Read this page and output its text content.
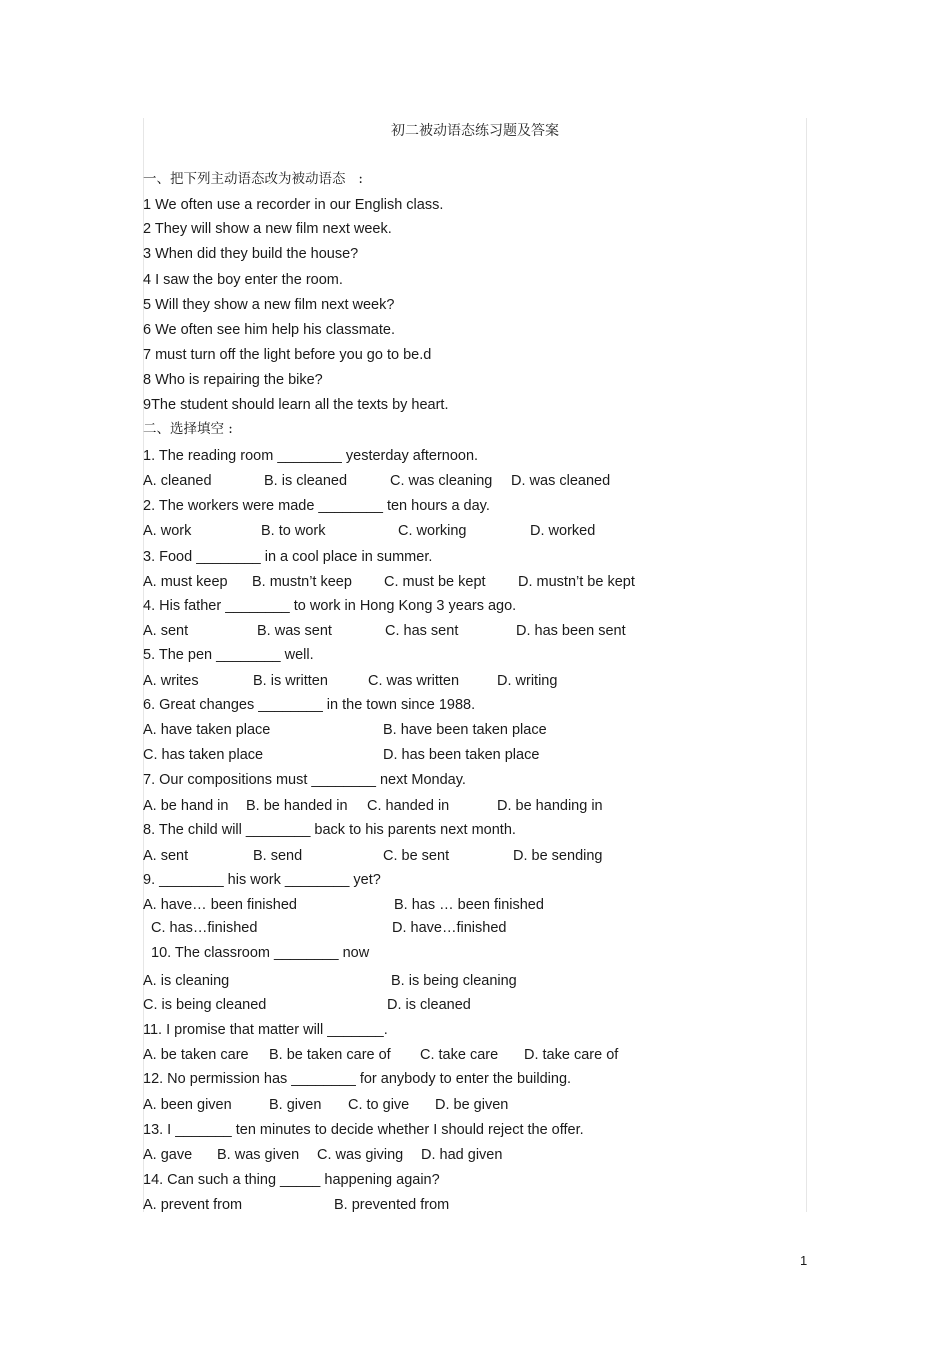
初二被动语态练习题及答案
一、把下列主动语态改为被动语态   :
1 We often use a recorder in our English class.
2 They will show a new film next week.
3 When did they build the house?
4 I saw the boy enter the room.
5 Will they show a new film next week?
6 We often see him help his classmate.
7 must turn off the light before you go to be.d
8 Who is repairing the bike?
9The student should learn all the texts by heart.
二、选择填空 :
1. The reading room ________ yesterday afternoon.
A. cleaned	B. is cleaned	C. was cleaning D. was cleaned
2. The workers were made ________ ten hours a day.
A. work	B. to work	C. working	D. worked
3. Food ________ in a cool place in summer.
A. must keep B. mustn’t keep C. must be kept D. mustn’t be kept
4. His father ________ to work in Hong Kong 3 years ago.
A. sent	B. was sent	C. has sent	D. has been sent
5. The pen ________ well.
A. writes	B. is written	C. was written	D. writing
6. Great changes ________ in the town since 1988.
A. have taken place	B. have been taken place
C. has taken place	D. has been taken place
7. Our compositions must ________ next Monday.
A. be hand in B. be handed in C. handed in	D. be handing in
8. The child will ________ back to his parents next month.
A. sent	B. send	C. be sent	D. be sending
9. ________ his work ________ yet?
A. have… been finished	B. has … been finished
C. has…finished	D. have…finished
10. The classroom ________ now
A. is cleaning	B. is being cleaning
C. is being cleaned	D. is cleaned
11. I promise that matter will _______.
A. be taken care B. be taken care of C. take care D. take care of
12. No permission has ________ for anybody to enter the building.
A. been given	B. given C. to give D. be given
13. I _______ ten minutes to decide whether I should reject the offer.
A. gave B. was given C. was giving D. had given
14. Can such a thing _____ happening again?
A. prevent from	B. prevented from
1
